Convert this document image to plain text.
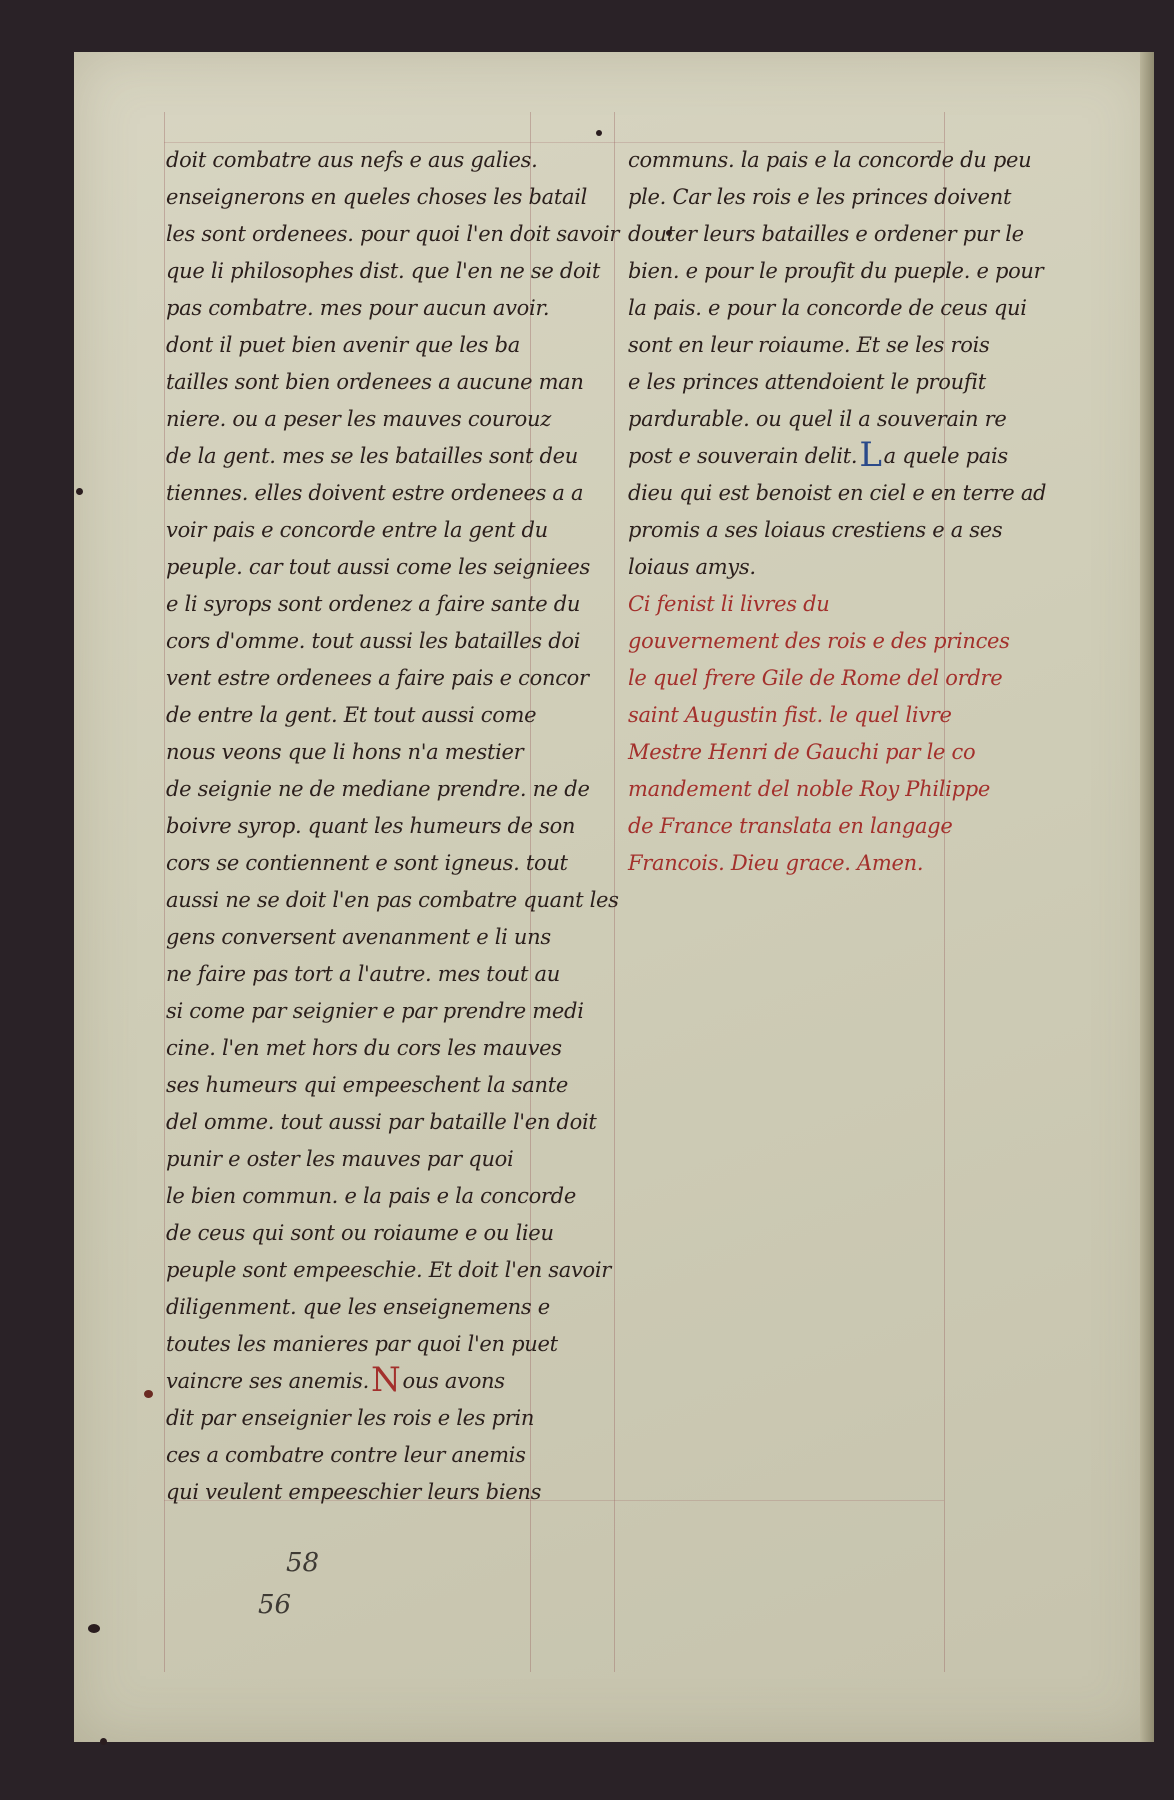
doit combatre aus nefs e aus galies.
enseignerons en queles choses les batail
les sont ordenees. pour quoi l'en doit savoir
que li philosophes dist. que l'en ne se doit
pas combatre. mes pour aucun avoir.
dont il puet bien avenir que les ba
tailles sont bien ordenees a aucune man
niere. ou a peser les mauves courouz
de la gent. mes se les batailles sont deu
tiennes. elles doivent estre ordenees a a
voir pais e concorde entre la gent du
peuple. car tout aussi come les seigniees
e li syrops sont ordenez a faire sante du
cors d'omme. tout aussi les batailles doi
vent estre ordenees a faire pais e concor
de entre la gent. Et tout aussi come
nous veons que li hons n'a mestier
de seignie ne de mediane prendre. ne de
boivre syrop. quant les humeurs de son
cors se contiennent e sont igneus. tout
aussi ne se doit l'en pas combatre quant les
gens conversent avenanment e li uns
ne faire pas tort a l'autre. mes tout au
si come par seignier e par prendre medi
cine. l'en met hors du cors les mauves
ses humeurs qui empeeschent la sante
del omme. tout aussi par bataille l'en doit
punir e oster les mauves par quoi
le bien commun. e la pais e la concorde
de ceus qui sont ou roiaume e ou lieu
peuple sont empeeschie. Et doit l'en savoir
diligenment. que les enseignemens e
toutes les manieres par quoi l'en puet
vaincre ses anemis.Nous avons
dit par enseignier les rois e les prin
ces a combatre contre leur anemis
qui veulent empeeschier leurs biens
communs. la pais e la concorde du peu
ple. Car les rois e les princes doivent
douter leurs batailles e ordener pur le
bien. e pour le proufit du pueple. e pour
la pais. e pour la concorde de ceus qui
sont en leur roiaume. Et se les rois
e les princes attendoient le proufit
pardurable. ou quel il a souverain re
post e souverain delit.La quele pais
dieu qui est benoist en ciel e en terre ad
promis a ses loiaus crestiens e a ses
loiaus amys.
Ci fenist li livres du
gouvernement des rois e des princes
le quel frere Gile de Rome del ordre
saint Augustin fist. le quel livre
Mestre Henri de Gauchi par le co
mandement del noble Roy Philippe
de France translata en langage
Francois. Dieu grace. Amen.
58
56
